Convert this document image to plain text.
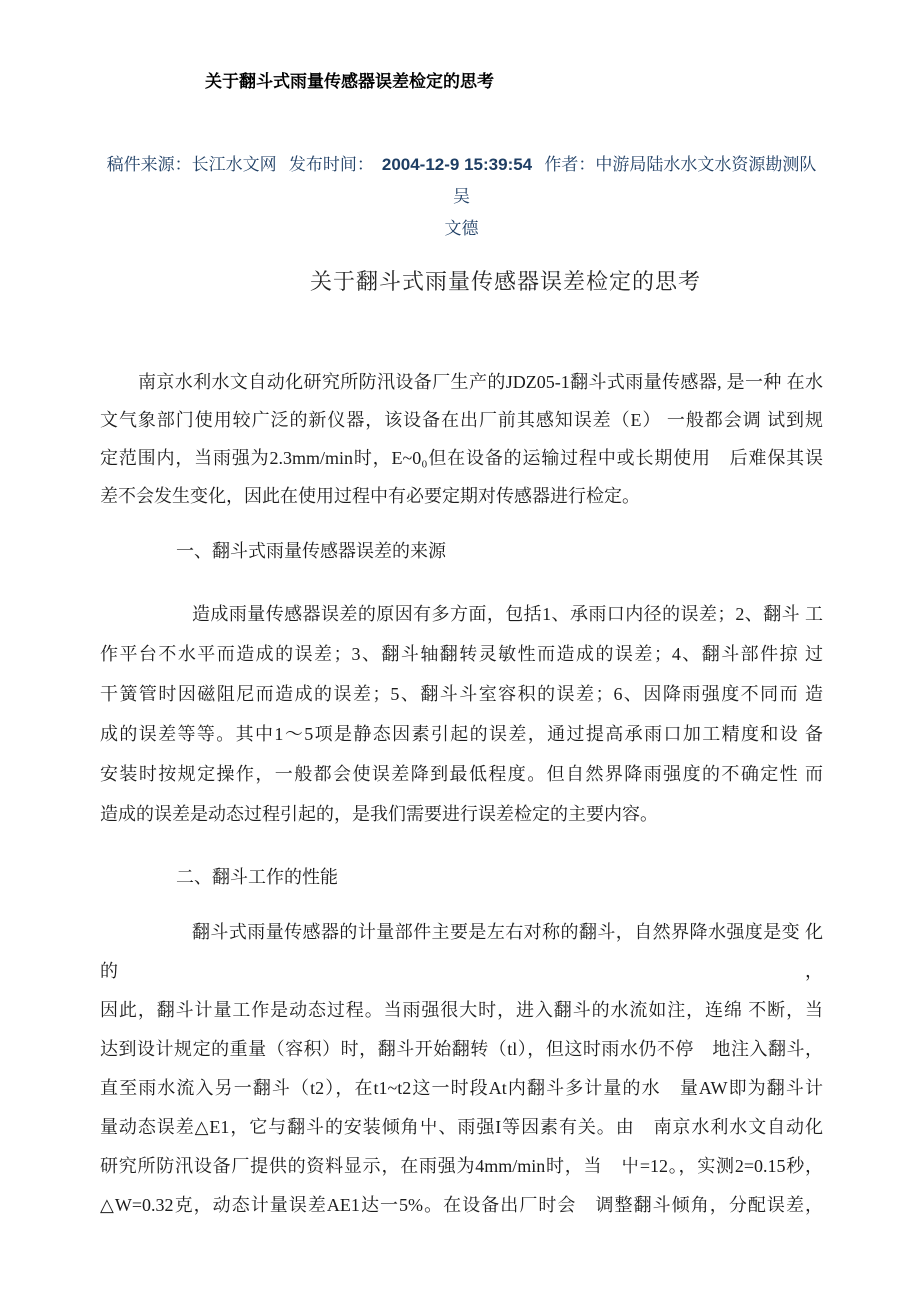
关于翻斗式雨量传感器误差检定的思考
稿件来源：长江水文网 发布时间： 2004-12-9 15:39:54 作者：中游局陆水水文水资源勘测队
吴
文德
关于翻斗式雨量传感器误差检定的思考
南京水利水文自动化研究所防汛设备厂生产的JDZ05-1翻斗式雨量传感器, 是一种 在水
文气象部门使用较广泛的新仪器，该设备在出厂前其感知误差（E） 一般都会调 试到规
定范围内，当雨强为2.3mm/min时，E~0₀但在设备的运输过程中或长期使用　后难保其误
差不会发生变化，因此在使用过程中有必要定期对传感器进行检定。
一、翻斗式雨量传感器误差的来源
造成雨量传感器误差的原因有多方面，包括1、承雨口内径的误差；2、翻斗 工
作平台不水平而造成的误差；3、翻斗轴翻转灵敏性而造成的误差；4、翻斗部件掠 过
干簧管时因磁阻尼而造成的误差；5、翻斗斗室容积的误差；6、因降雨强度不同而 造
成的误差等等。其中1〜5项是静态因素引起的误差，通过提高承雨口加工精度和设 备
安装时按规定操作，一般都会使误差降到最低程度。但自然界降雨强度的不确定性 而
造成的误差是动态过程引起的，是我们需要进行误差检定的主要内容。
二、翻斗工作的性能
翻斗式雨量传感器的计量部件主要是左右对称的翻斗，自然界降水强度是变 化的，
因此，翻斗计量工作是动态过程。当雨强很大时，进入翻斗的水流如注，连绵 不断，当
达到设计规定的重量（容积）时，翻斗开始翻转（tl），但这时雨水仍不停　地注入翻斗，
直至雨水流入另一翻斗（t2），在t1~t2这一时段At内翻斗多计量的水　量AW即为翻斗计
量动态误差△E1，它与翻斗的安装倾角屮、雨强I等因素有关。由　南京水利水文自动化
研究所防汛设备厂提供的资料显示，在雨强为4mm/min时，当　屮=12。，实测2=0.15秒，
△W=0.32克，动态计量误差AE1达一5%。在设备出厂时会　调整翻斗倾角，分配误差，
